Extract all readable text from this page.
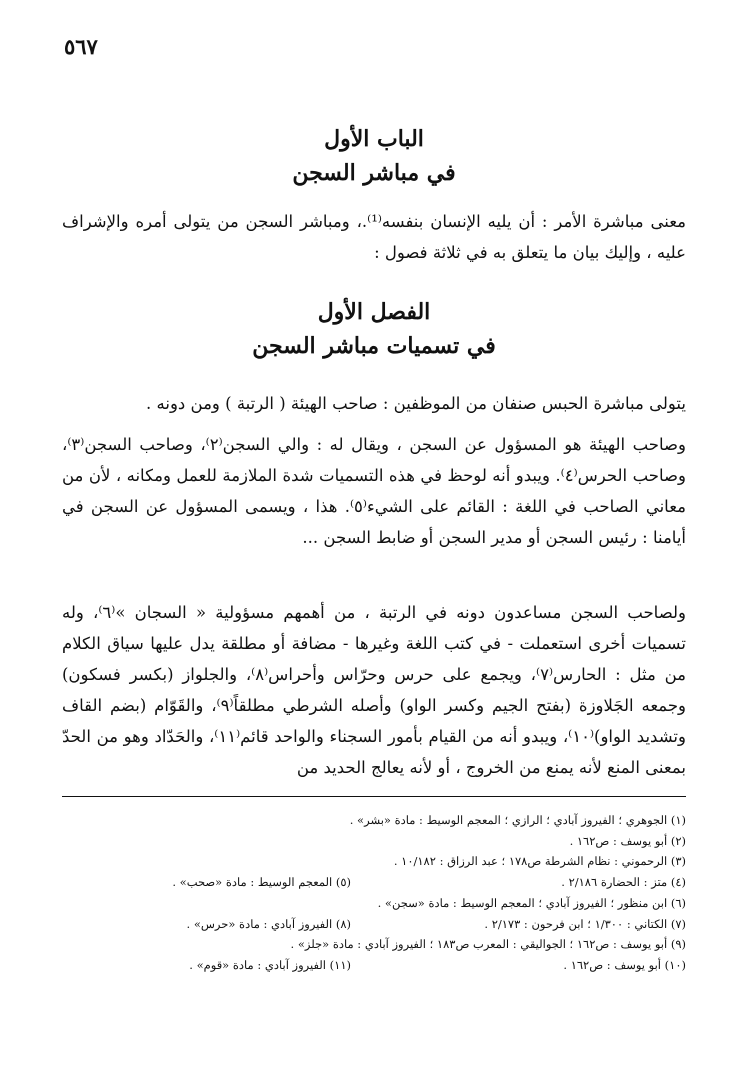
٥٦٧
الباب الأول
في مباشر السجن

معنى مباشرة الأمر : أن يليه الإنسان بنفسه⁽¹⁾.، ومباشر السجن من يتولى أمره والإشراف عليه ، وإليك بيان ما يتعلق به في ثلاثة فصول :

الفصل الأول
في تسميات مباشر السجن

يتولى مباشرة الحبس صنفان من الموظفين : صاحب الهيئة ( الرتبة ) ومن دونه .

وصاحب الهيئة هو المسؤول عن السجن ، ويقال له : والي السجن⁽٢⁾، وصاحب السجن⁽٣⁾، وصاحب الحرس⁽٤⁾. ويبدو أنه لوحظ في هذه التسميات شدة الملازمة للعمل ومكانه ، لأن من معاني الصاحب في اللغة : القائم على الشيء⁽٥⁾. هذا ، ويسمى المسؤول عن السجن في أيامنا : رئيس السجن أو مدير السجن أو ضابط السجن ...

ولصاحب السجن مساعدون دونه في الرتبة ، من أهمهم مسؤولية « السجان »⁽٦⁾، وله تسميات أخرى استعملت - في كتب اللغة وغيرها - مضافة أو مطلقة يدل عليها سياق الكلام من مثل : الحارس⁽٧⁾، ويجمع على حرس وحرّاس وأحراس⁽٨⁾، والجلواز (بكسر فسكون) وجمعه الجَلاوزة (بفتح الجيم وكسر الواو) وأصله الشرطي مطلقاً⁽٩⁾، والقَوّام (بضم القاف وتشديد الواو)⁽١٠⁾، ويبدو أنه من القيام بأمور السجناء والواحد قائم⁽١١⁾، والحَدّاد وهو من الحدّ بمعنى المنع لأنه يمنع من الخروج ، أو لأنه يعالج الحديد من

(١) الجوهري ؛ الفيروز آبادي ؛ الرازي ؛ المعجم الوسيط : مادة «بشر» .
(٢) أبو يوسف : ص١٦٢ .
(٣) الرحموني : نظام الشرطة ص١٧٨ ؛ عبد الرزاق : ١٠/١٨٢ .
(٤) متز : الحضارة ٢/١٨٦ .
(٥) المعجم الوسيط : مادة «صحب» .
(٦) ابن منظور ؛ الفيروز آبادي ؛ المعجم الوسيط : مادة «سجن» .
(٧) الكتاني : ١/٣٠٠ ؛ ابن فرحون : ٢/١٧٣ .
(٨) الفيروز آبادي : مادة «حرس» .
(٩) أبو يوسف : ص١٦٢ ؛ الجواليقي : المعرب ص١٨٣ ؛ الفيروز آبادي : مادة «جلز» .
(١٠) أبو يوسف : ص١٦٢ .
(١١) الفيروز آبادي : مادة «قوم» .
